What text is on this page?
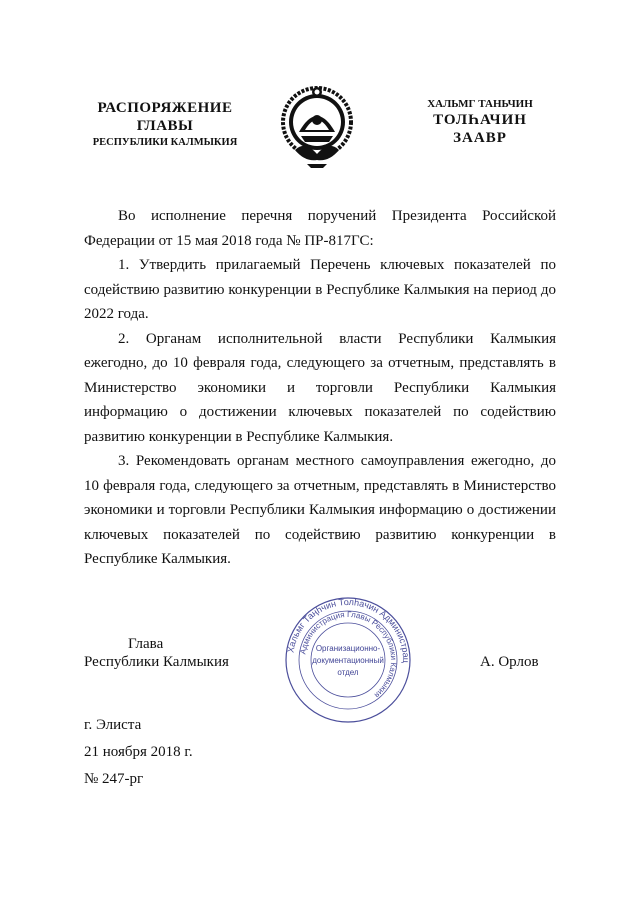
РАСПОРЯЖЕНИЕ
ГЛАВЫ
РЕСПУБЛИКИ КАЛМЫКИЯ
ХАЛЬМГ ТАНЬЧИН
ТОЛҺАЧИН
ЗААВР

Во исполнение перечня поручений Президента Российской Федерации от 15 мая 2018 года № ПР-817ГС:

1. Утвердить прилагаемый Перечень ключевых показателей по содействию развитию конкуренции в Республике Калмыкия на период до 2022 года.

2. Органам исполнительной власти Республики Калмыкия ежегодно, до 10 февраля года, следующего за отчетным, представлять в Министерство экономики и торговли Республики Калмыкия информацию о достижении ключевых показателей по содействию развитию конкуренции в Республике Калмыкия.

3. Рекомендовать органам местного самоуправления ежегодно, до 10 февраля года, следующего за отчетным, представлять в Министерство экономики и торговли Республики Калмыкия информацию о достижении ключевых показателей по содействию развитию конкуренции в Республике Калмыкия.

Глава
Республики Калмыкия
Хальмг Таңһчин Толһачин Администрац
Администрация Главы Республики Калмыкия
Организационно-
документационный
отдел
А. Орлов
г. Элиста
21 ноября 2018 г.
№ 247-рг
